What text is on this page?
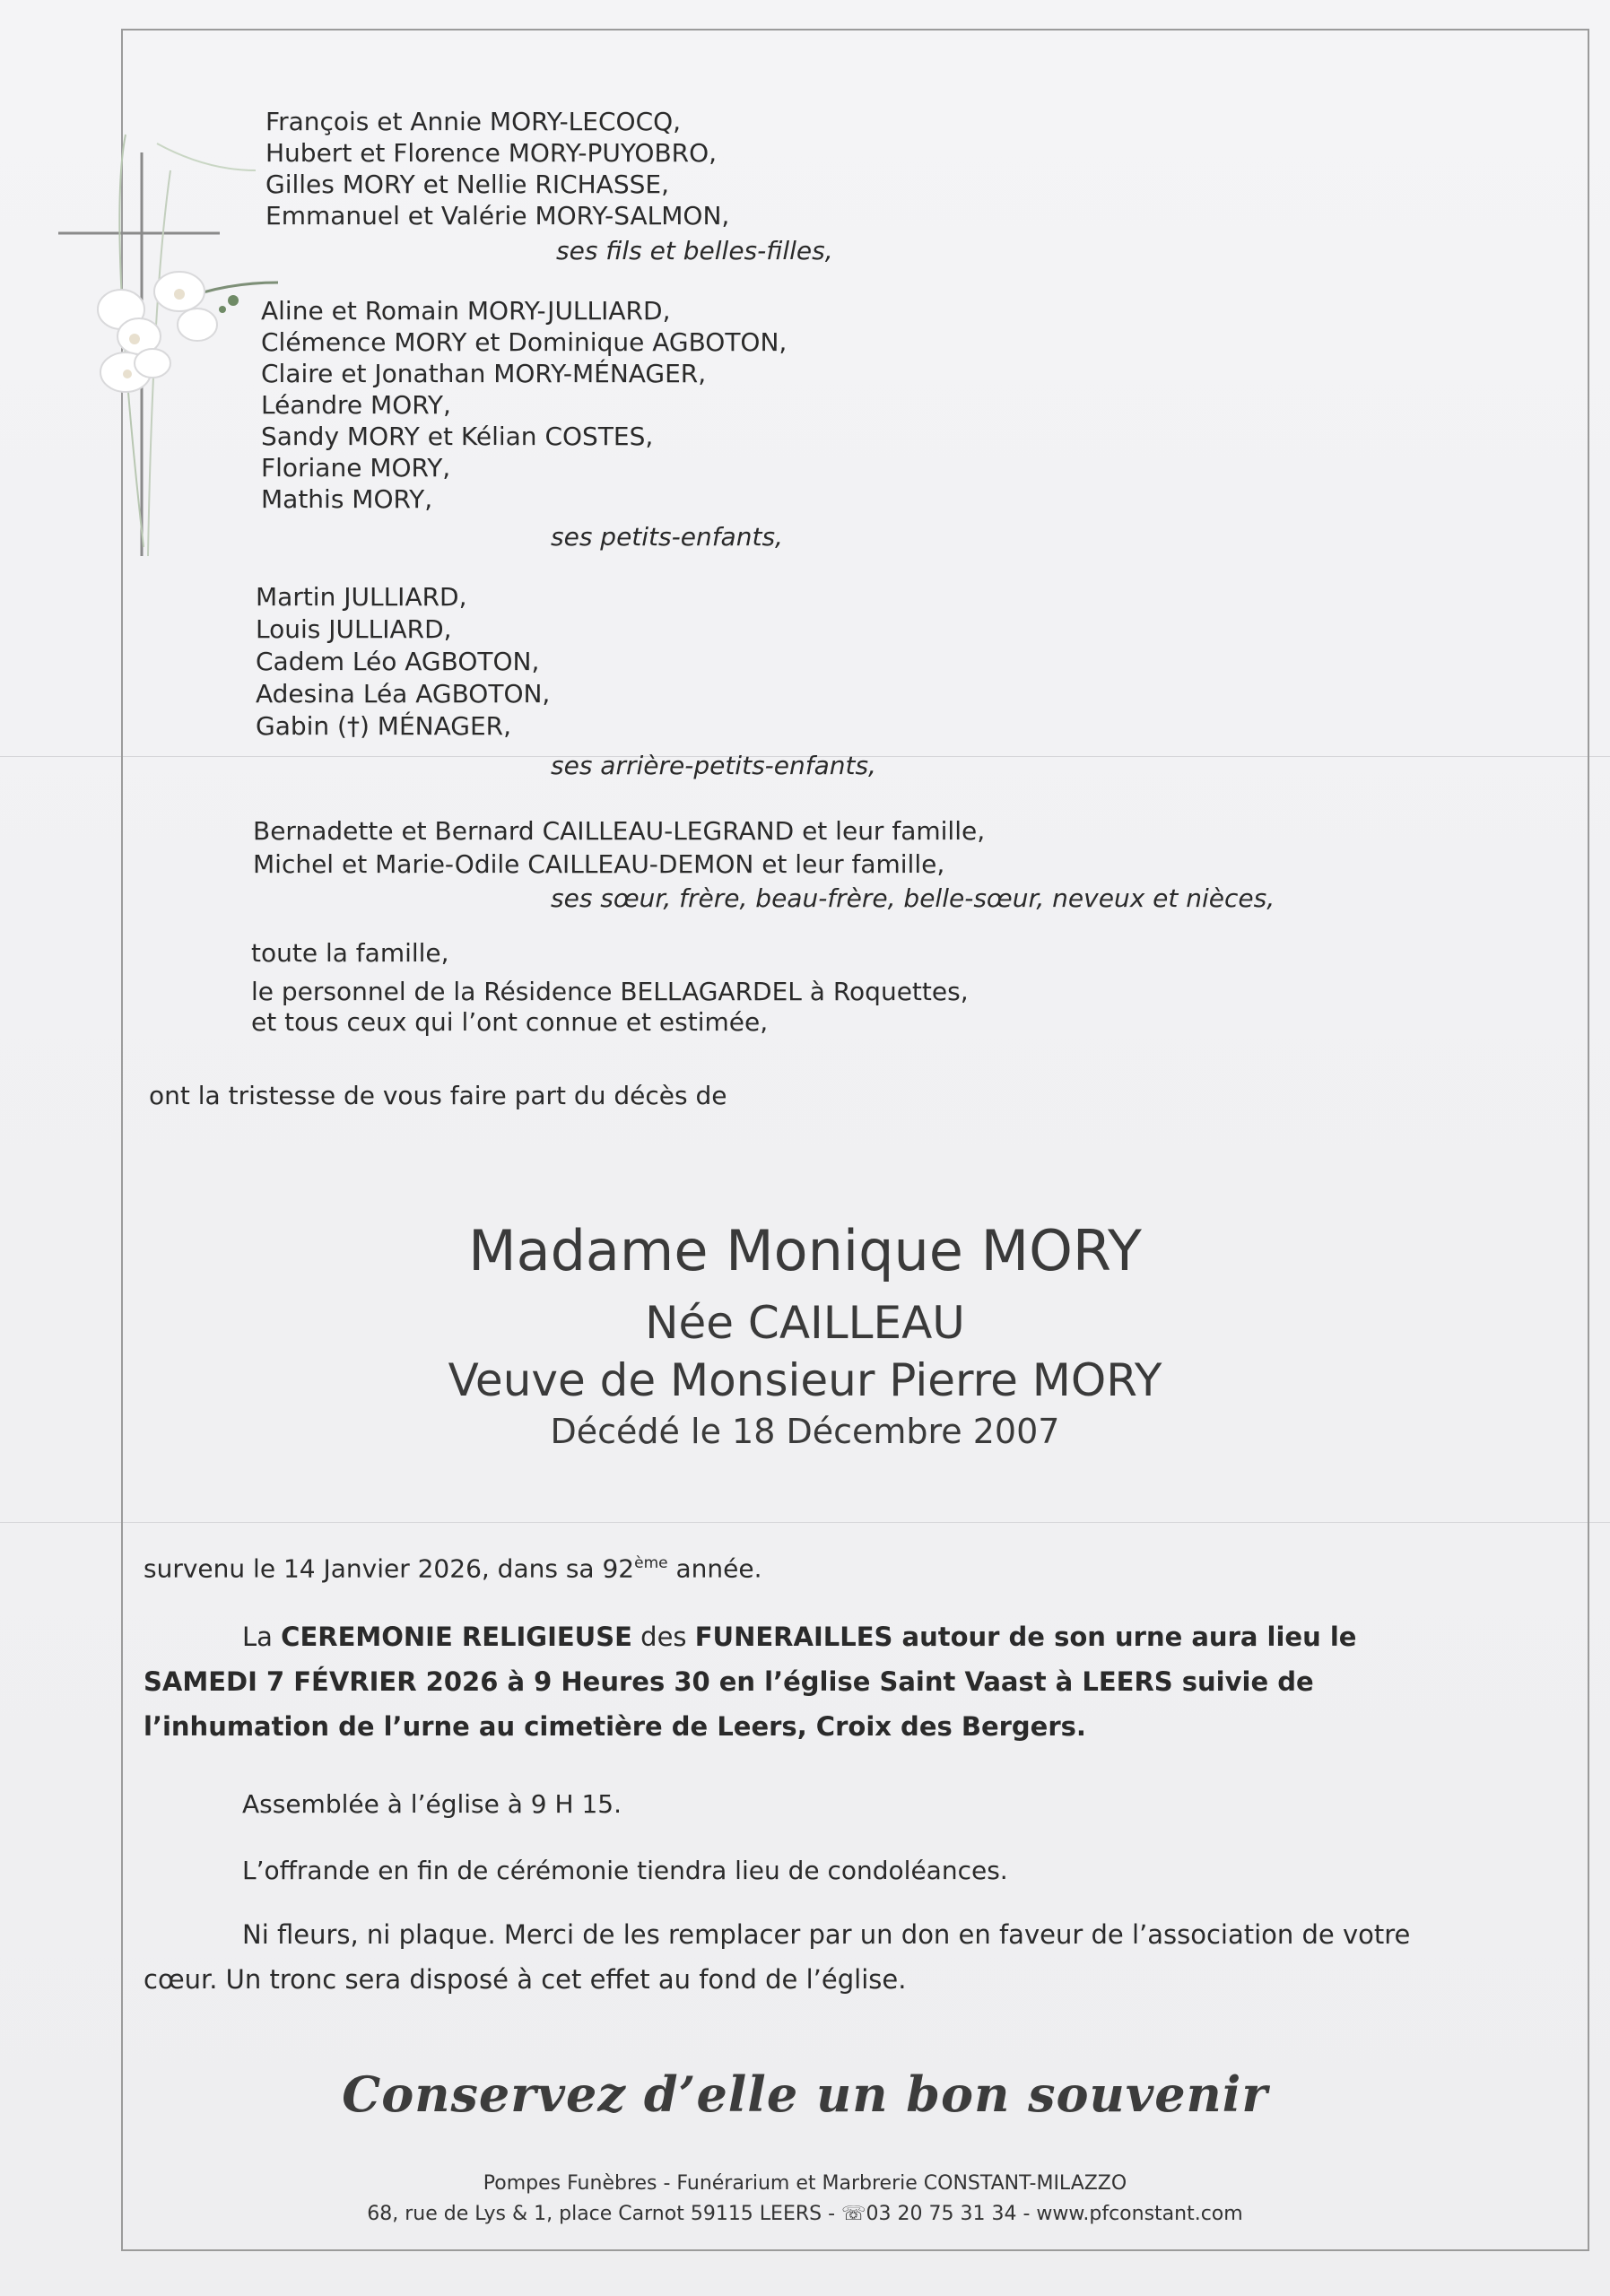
François et Annie MORY-LECOCQ,
Hubert et Florence MORY-PUYOBRO,
Gilles MORY et Nellie RICHASSE,
Emmanuel et Valérie MORY-SALMON,
ses fils et belles-filles,
Aline et Romain MORY-JULLIARD,
Clémence MORY et Dominique AGBOTON,
Claire et Jonathan MORY-MÉNAGER,
Léandre MORY,
Sandy MORY et Kélian COSTES,
Floriane MORY,
Mathis MORY,
ses petits-enfants,
Martin JULLIARD,
Louis JULLIARD,
Cadem Léo AGBOTON,
Adesina Léa AGBOTON,
Gabin (†) MÉNAGER,
ses arrière-petits-enfants,
Bernadette et Bernard CAILLEAU-LEGRAND et leur famille,
Michel et Marie-Odile CAILLEAU-DEMON et leur famille,
ses sœur, frère, beau-frère, belle-sœur, neveux et nièces,
toute la famille,
le personnel de la Résidence BELLAGARDEL à Roquettes,
et tous ceux qui l’ont connue et estimée,
ont la tristesse de vous faire part du décès de
Madame Monique MORY
Née CAILLEAU
Veuve de Monsieur Pierre MORY
Décédé le 18 Décembre 2007
survenu le 14 Janvier 2026, dans sa 92ème année.
La CEREMONIE RELIGIEUSE des FUNERAILLES autour de son urne aura lieu le SAMEDI 7 FÉVRIER 2026 à 9 Heures 30 en l’église Saint Vaast à LEERS suivie de l’inhumation de l’urne au cimetière de Leers, Croix des Bergers.
Assemblée à l’église à 9 H 15.
L’offrande en fin de cérémonie tiendra lieu de condoléances.
Ni fleurs, ni plaque. Merci de les remplacer par un don en faveur de l’association de votre cœur. Un tronc sera disposé à cet effet au fond de l’église.
Conservez d’elle un bon souvenir
Pompes Funèbres - Funérarium et Marbrerie CONSTANT-MILAZZO
68, rue de Lys & 1, place Carnot 59115 LEERS - ☏03 20 75 31 34 - www.pfconstant.com
